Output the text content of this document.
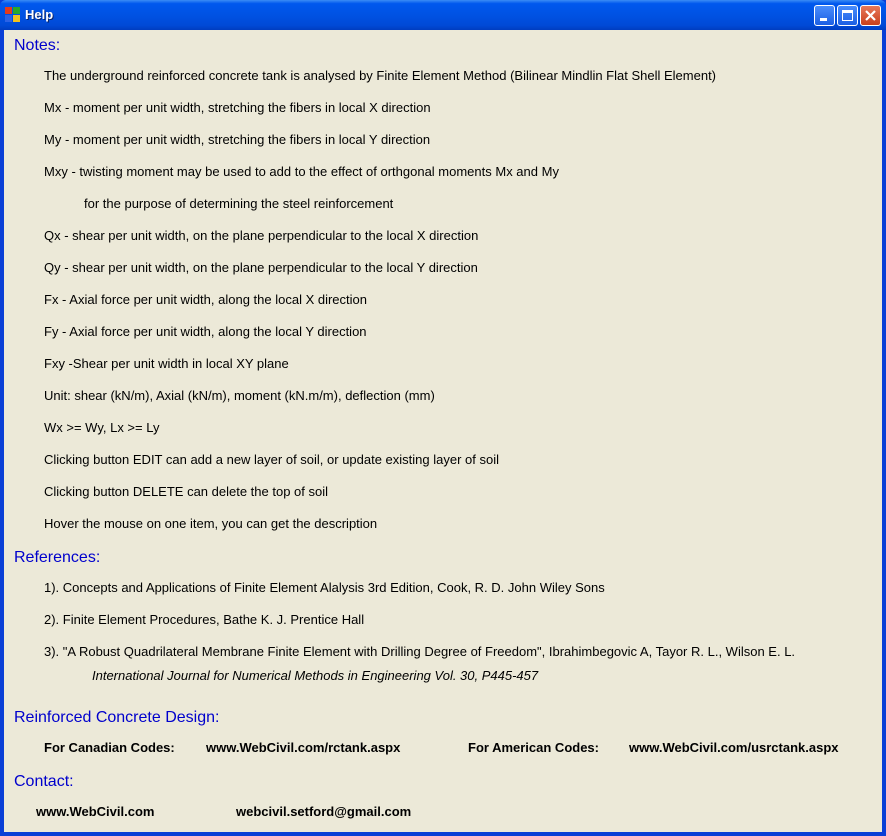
Help
Notes:
The underground reinforced concrete tank is analysed by Finite Element Method (Bilinear Mindlin Flat Shell Element)
Mx - moment per unit width, stretching the fibers in local X direction
My - moment per unit width, stretching the fibers in local Y direction
Mxy - twisting moment may be used to add to the effect of orthgonal moments Mx and My
for the purpose of determining the steel reinforcement
Qx - shear per unit width, on the plane perpendicular to the local X direction
Qy - shear per unit width, on the plane perpendicular to the local Y direction
Fx - Axial force per unit width, along the local X direction
Fy - Axial force per unit width, along the local Y direction
Fxy -Shear per unit width in local XY plane
Unit: shear (kN/m), Axial (kN/m), moment (kN.m/m), deflection (mm)
Wx >= Wy, Lx >= Ly
Clicking button EDIT can add a new layer of soil, or update existing layer of soil
Clicking button DELETE can delete the top of soil
Hover the mouse on one item, you can get the description
References:
1). Concepts and Applications of Finite Element Alalysis 3rd Edition, Cook, R. D. John Wiley Sons
2). Finite Element Procedures, Bathe K. J. Prentice Hall
3). "A Robust Quadrilateral Membrane Finite Element with Drilling Degree of Freedom", Ibrahimbegovic A, Tayor R. L., Wilson E. L.
International Journal for Numerical Methods in Engineering Vol. 30, P445-457
Reinforced Concrete Design:
For Canadian Codes: www.WebCivil.com/rctank.aspx	For American Codes: www.WebCivil.com/usrctank.aspx
Contact:
www.WebCivil.com	webcivil.setford@gmail.com
